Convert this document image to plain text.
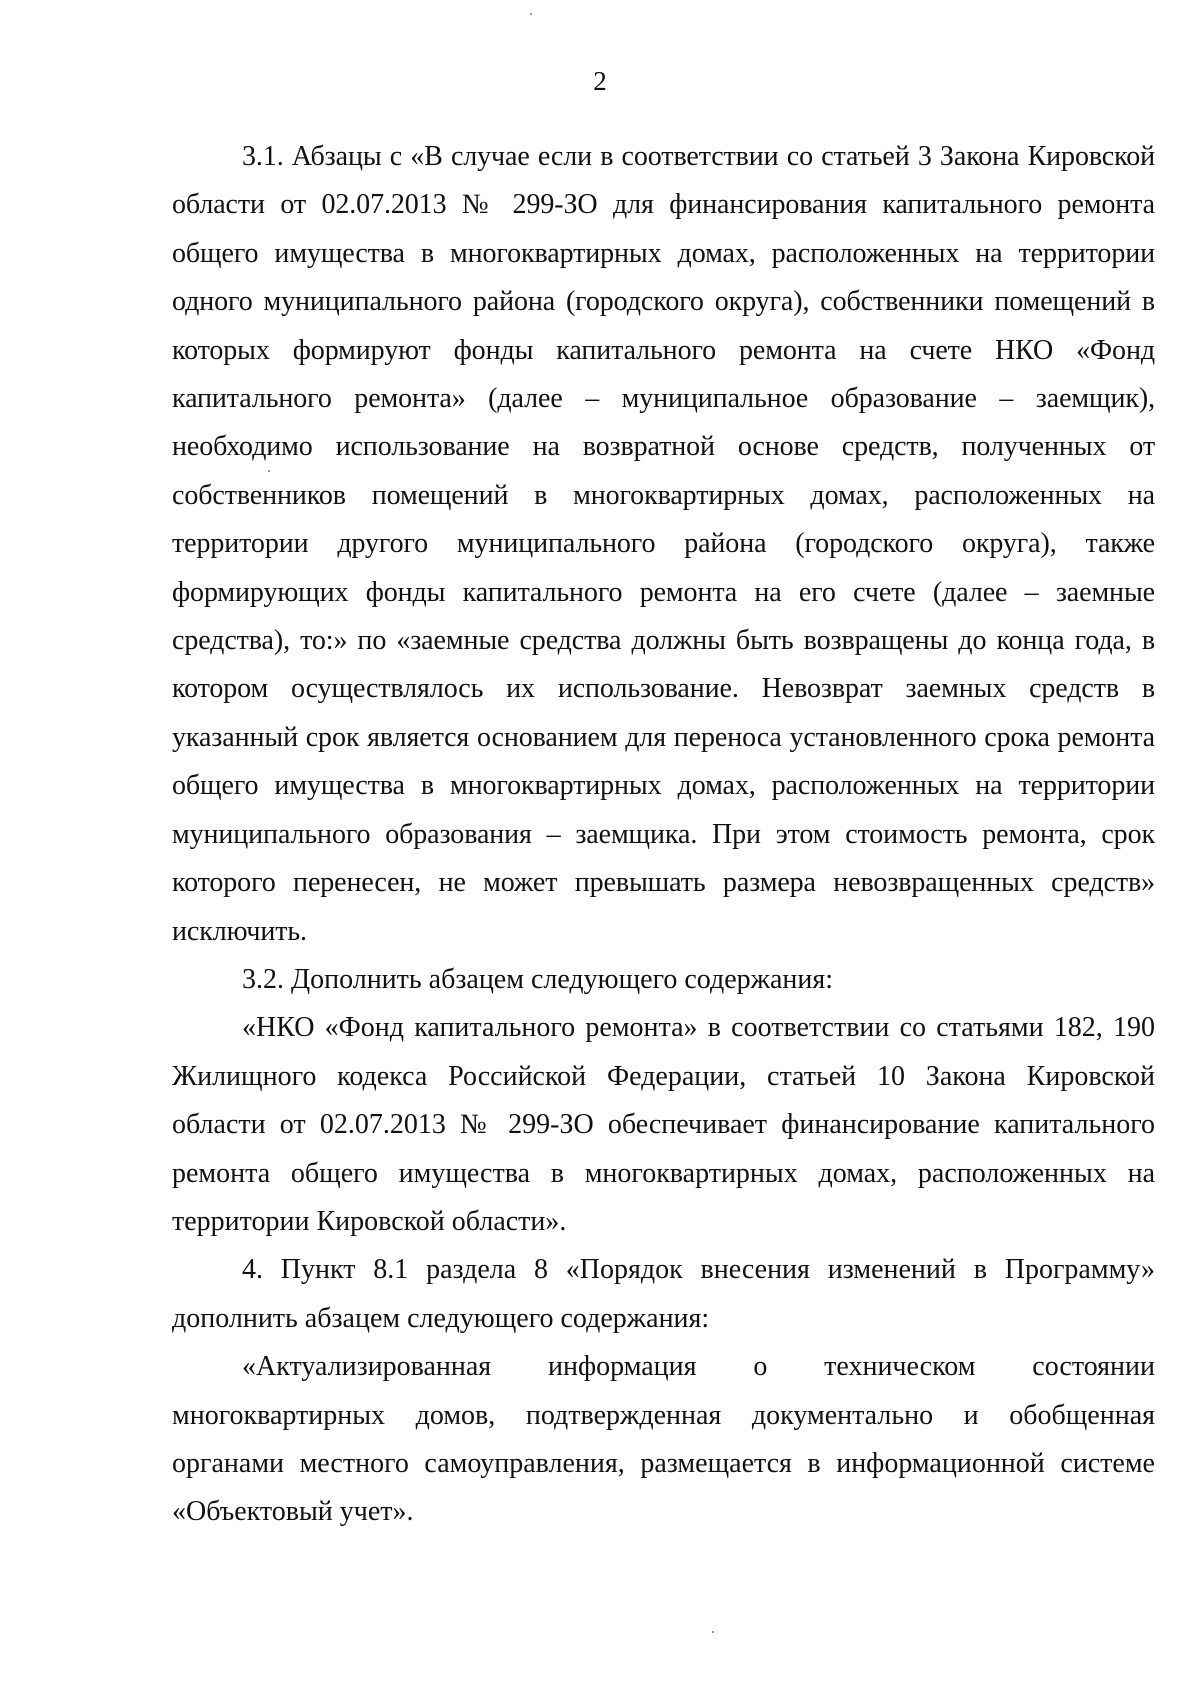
2

3.1. Абзацы с «В случае если в соответствии со статьей 3 Закона Кировской области от 02.07.2013 № 299-ЗО для финансирования капитального ремонта общего имущества в многоквартирных домах, расположенных на территории одного муниципального района (городского округа), собственники помещений в которых формируют фонды капитального ремонта на счете НКО «Фонд капитального ремонта» (далее – муниципальное образование – заемщик), необходимо использование на возвратной основе средств, полученных от собственников помещений в многоквартирных домах, расположенных на территории другого муниципального района (городского округа), также формирующих фонды капитального ремонта на его счете (далее – заемные средства), то:» по «заемные средства должны быть возвращены до конца года, в котором осуществлялось их использование. Невозврат заемных средств в указанный срок является основанием для переноса установленного срока ремонта общего имущества в многоквартирных домах, расположенных на территории муниципального образования – заемщика. При этом стоимость ремонта, срок которого перенесен, не может превышать размера невозвращенных средств» исключить.

3.2. Дополнить абзацем следующего содержания:

«НКО «Фонд капитального ремонта» в соответствии со статьями 182, 190 Жилищного кодекса Российской Федерации, статьей 10 Закона Кировской области от 02.07.2013 № 299-ЗО обеспечивает финансирование капитального ремонта общего имущества в многоквартирных домах, расположенных на территории Кировской области».

4. Пункт 8.1 раздела 8 «Порядок внесения изменений в Программу» дополнить абзацем следующего содержания:

«Актуализированная информация о техническом состоянии многоквартирных домов, подтвержденная документально и обобщенная органами местного самоуправления, размещается в информационной системе «Объектовый учет».
